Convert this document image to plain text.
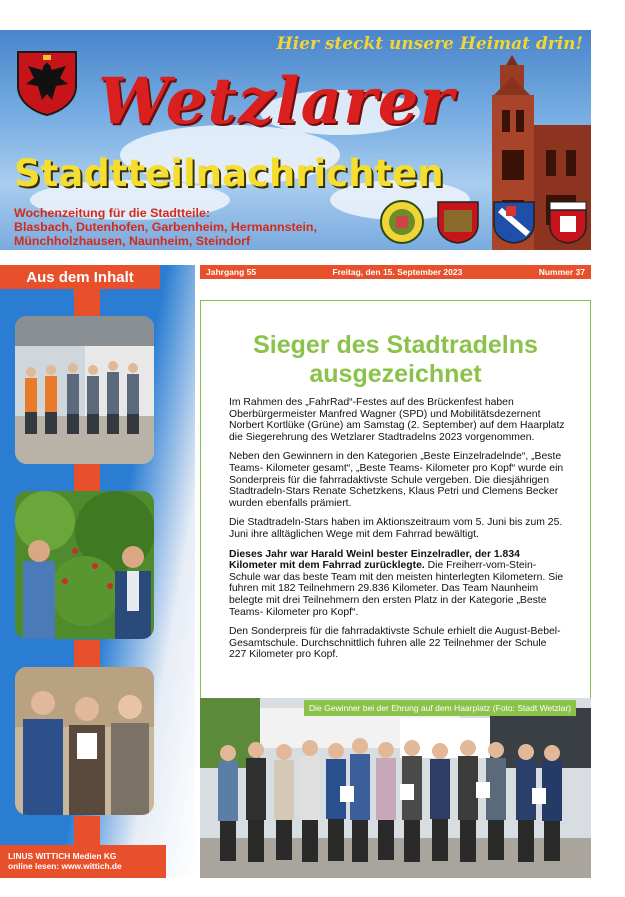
Hier steckt unsere Heimat drin!
Wetzlarer
Stadtteilnachrichten
Wochenzeitung für die Stadtteile:
Blasbach, Dutenhofen, Garbenheim, Hermannstein,
Münchholzhausen, Naunheim, Steindorf
Jahrgang 55	Freitag, den 15. September 2023	Nummer 37
Aus dem Inhalt
LINUS WITTICH Medien KG
online lesen: www.wittich.de
Sieger des Stadtradelns
ausgezeichnet

Im Rahmen des „FahrRad“-Festes auf des Brückenfest haben Oberbürgermeister Manfred Wagner (SPD) und Mobilitätsdezernent Norbert Kortlüke (Grüne) am Samstag (2. September) auf dem Haarplatz die Siegerehrung des Wetzlarer Stadtradelns 2023 vorgenommen.

Neben den Gewinnern in den Kategorien „Beste Einzelradelnde“, „Beste Teams- Kilometer gesamt“, „Beste Teams- Kilometer pro Kopf“ wurde ein Sonderpreis für die fahrradaktivste Schule vergeben. Die diesjährigen Stadtradeln-Stars Renate Schetzkens, Klaus Petri und Clemens Becker wurden ebenfalls prämiert.

Die Stadtradeln-Stars haben im Aktionszeitraum vom 5. Juni bis zum 25. Juni ihre alltäglichen Wege mit dem Fahrrad bewältigt.

Dieses Jahr war Harald Weinl bester Einzelradler, der 1.834 Kilometer mit dem Fahrrad zurücklegte. Die Freiherr-vom-Stein-Schule war das beste Team mit den meisten hinterlegten Kilometern. Sie fuhren mit 182 Teilnehmern 29.836 Kilometer. Das Team Naunheim belegte mit drei Teilnehmern den ersten Platz in der Kategorie „Beste Teams- Kilometer pro Kopf“.

Den Sonderpreis für die fahrradaktivste Schule erhielt die August-Bebel-Gesamtschule. Durchschnittlich fuhren alle 22 Teilnehmer der Schule 227 Kilometer pro Kopf.

Die Gewinner bei der Ehrung auf dem Haarplatz (Foto: Stadt Wetzlar)
